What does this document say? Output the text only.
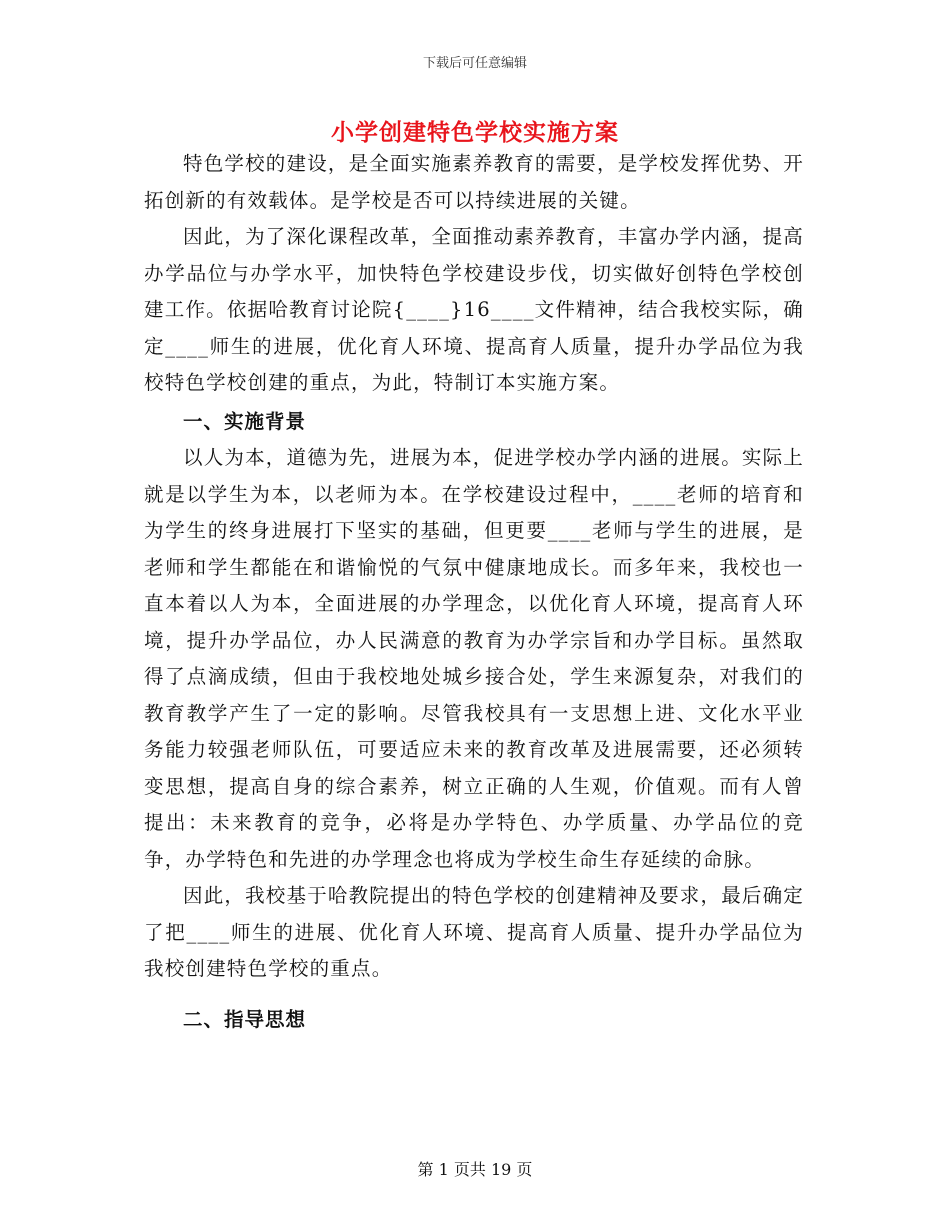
下载后可任意编辑
小学创建特色学校实施方案

特色学校的建设，是全面实施素养教育的需要，是学校发挥优势、开拓创新的有效载体。是学校是否可以持续进展的关键。

因此，为了深化课程改革，全面推动素养教育，丰富办学内涵，提高办学品位与办学水平，加快特色学校建设步伐，切实做好创特色学校创建工作。依据哈教育讨论院{____}16____文件精神，结合我校实际，确定____师生的进展，优化育人环境、提高育人质量，提升办学品位为我校特色学校创建的重点，为此，特制订本实施方案。

一、实施背景

以人为本，道德为先，进展为本，促进学校办学内涵的进展。实际上就是以学生为本，以老师为本。在学校建设过程中，____老师的培育和为学生的终身进展打下坚实的基础，但更要____老师与学生的进展，是老师和学生都能在和谐愉悦的气氛中健康地成长。而多年来，我校也一直本着以人为本，全面进展的办学理念，以优化育人环境，提高育人环境，提升办学品位，办人民满意的教育为办学宗旨和办学目标。虽然取得了点滴成绩，但由于我校地处城乡接合处，学生来源复杂，对我们的教育教学产生了一定的影响。尽管我校具有一支思想上进、文化水平业务能力较强老师队伍，可要适应未来的教育改革及进展需要，还必须转变思想，提高自身的综合素养，树立正确的人生观，价值观。而有人曾提出：未来教育的竞争，必将是办学特色、办学质量、办学品位的竞争，办学特色和先进的办学理念也将成为学校生命生存延续的命脉。

因此，我校基于哈教院提出的特色学校的创建精神及要求，最后确定了把____师生的进展、优化育人环境、提高育人质量、提升办学品位为我校创建特色学校的重点。

二、指导思想

第 1 页共 19 页
